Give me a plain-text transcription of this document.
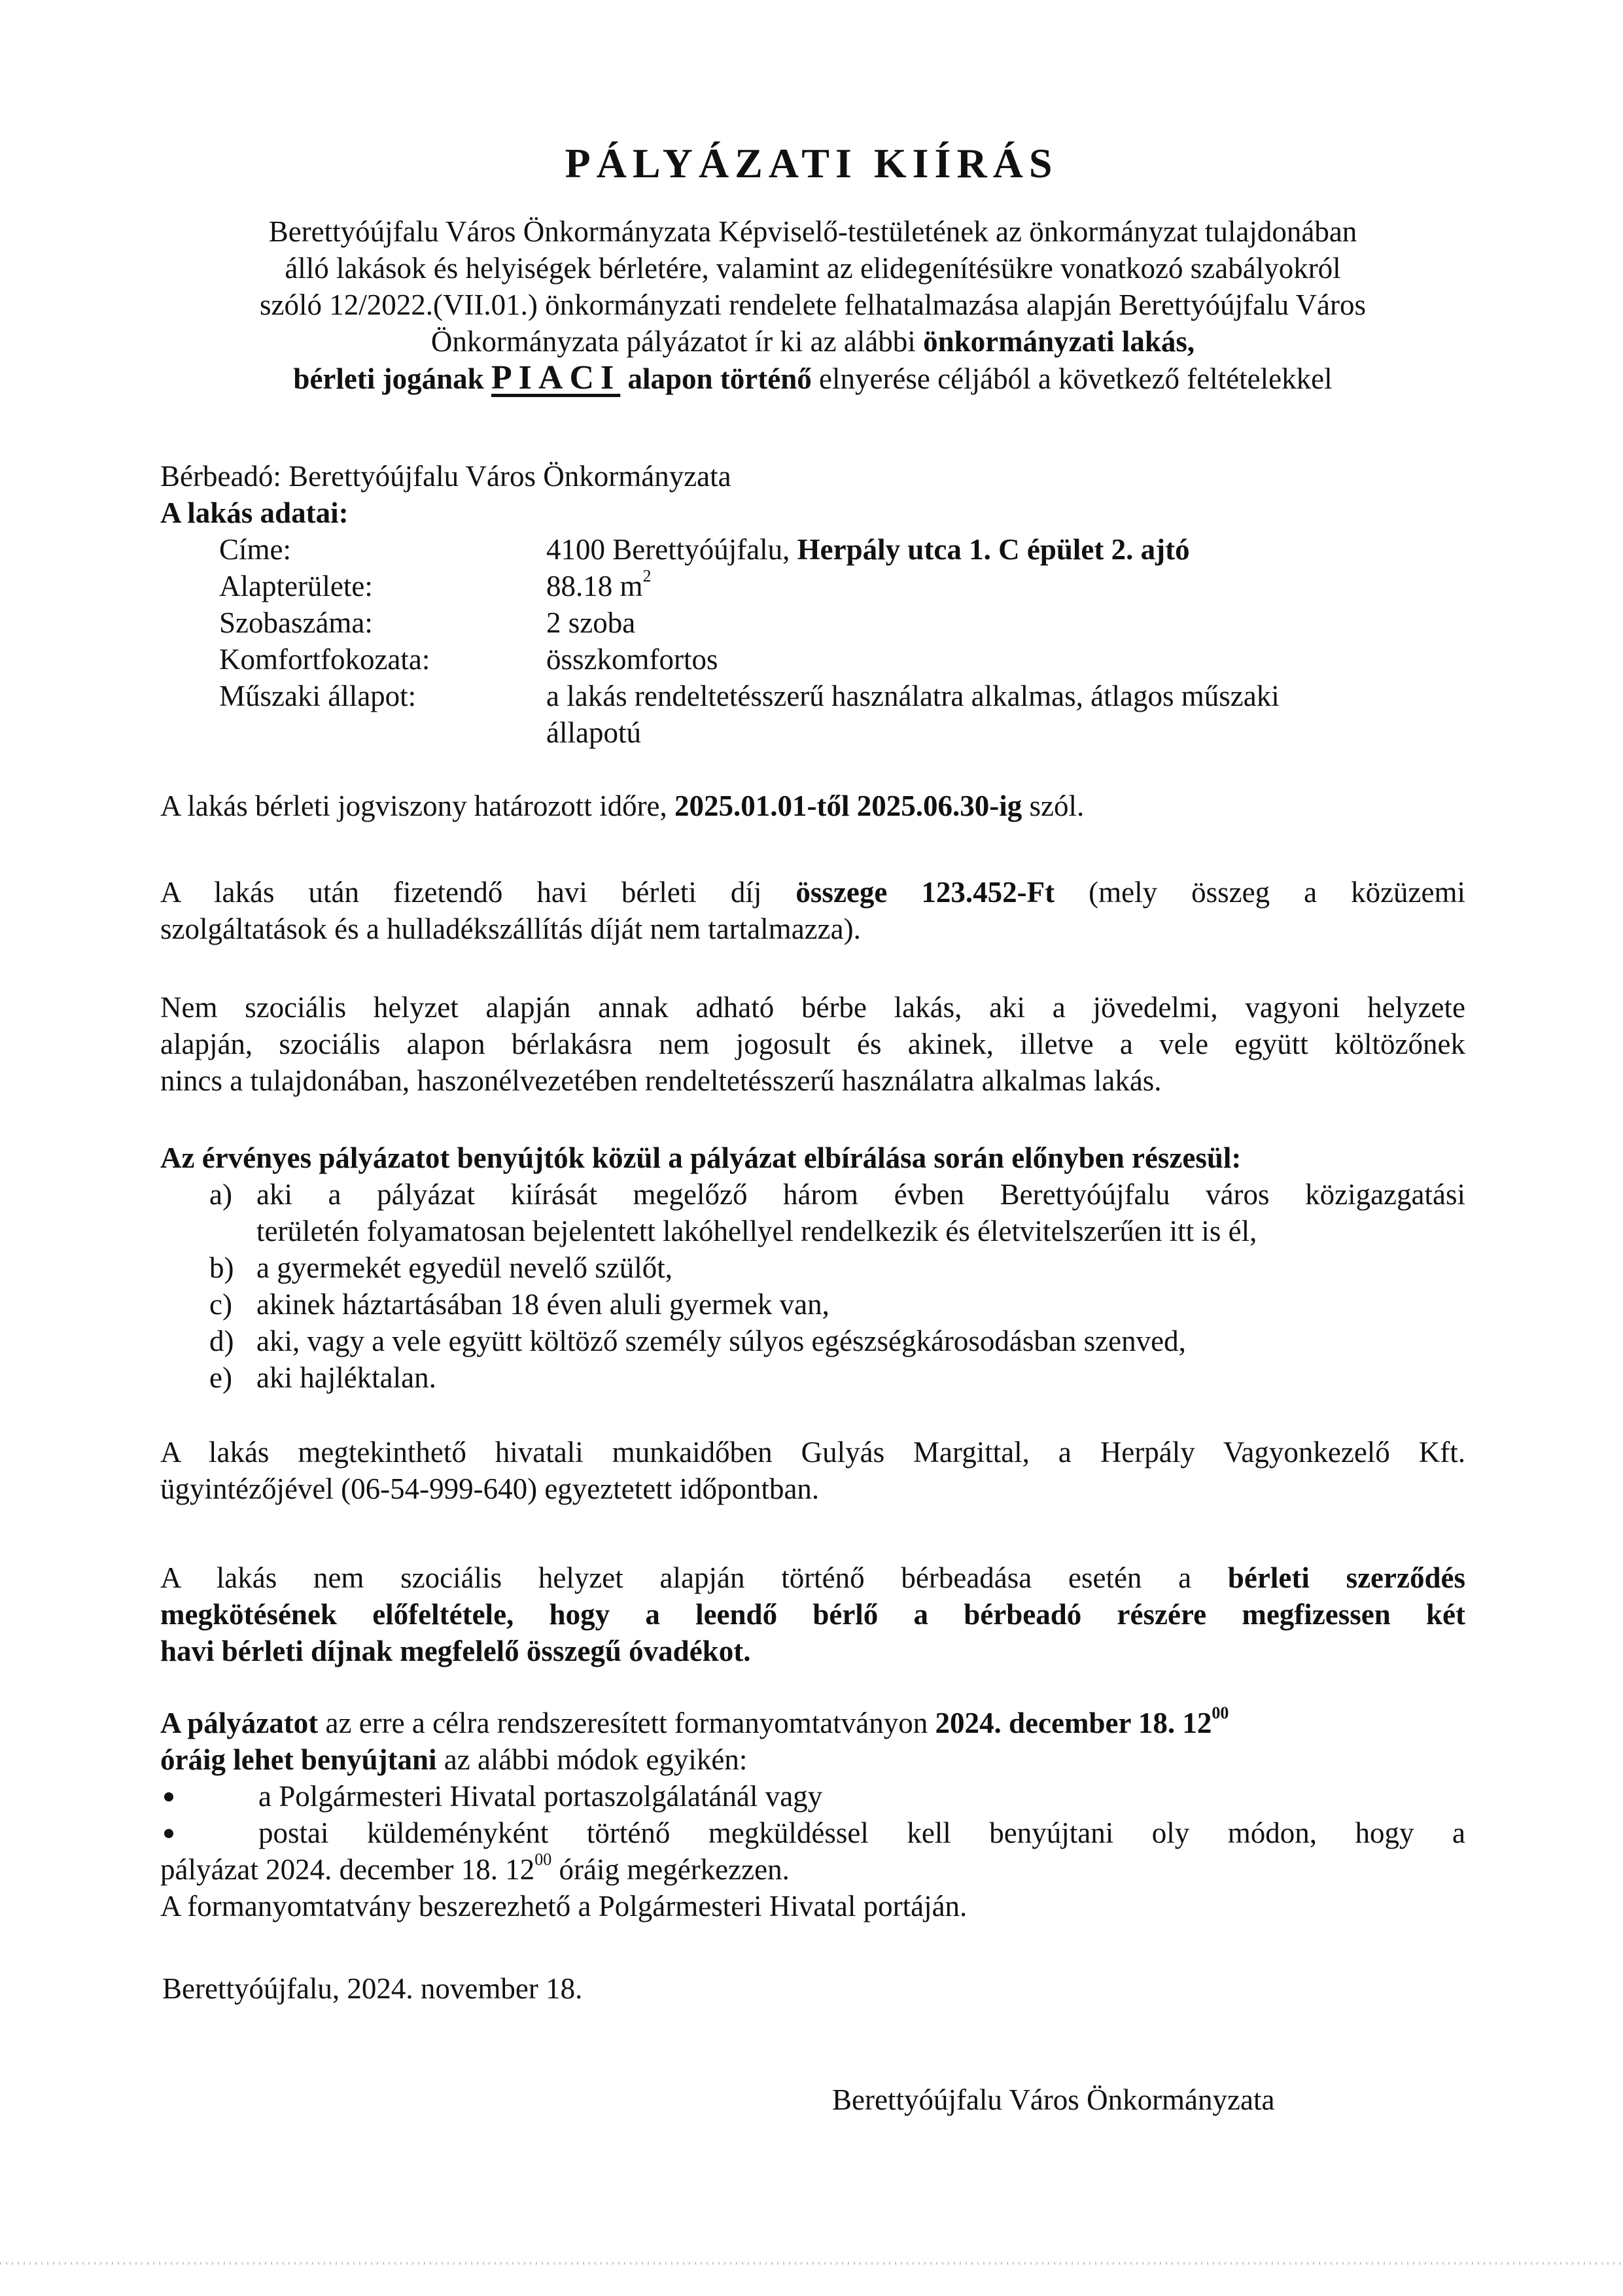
PÁLYÁZATI KIÍRÁS
Berettyóújfalu Város Önkormányzata Képviselő-testületének az önkormányzat tulajdonában
álló lakások és helyiségek bérletére, valamint az elidegenítésükre vonatkozó szabályokról
szóló 12/2022.(VII.01.) önkormányzati rendelete felhatalmazása alapján Berettyóújfalu Város
Önkormányzata pályázatot ír ki az alábbi önkormányzati lakás,
bérleti jogának PIACI alapon történő elnyerése céljából a következő feltételekkel
Bérbeadó: Berettyóújfalu Város Önkormányzata
A lakás adatai:
Címe:	4100 Berettyóújfalu, Herpály utca 1. C épület 2. ajtó
Alapterülete:	88.18 $m^2$
Szobaszáma:	2 szoba
Komfortfokozata:	összkomfortos
Műszaki állapot:	a lakás rendeltetésszerű használatra alkalmas, átlagos műszaki
állapotú
A lakás bérleti jogviszony határozott időre, 2025.01.01-től 2025.06.30-ig szól.
A lakás után fizetendő havi bérleti díj összege 123.452-Ft (mely összeg a közüzemi
szolgáltatások és a hulladékszállítás díját nem tartalmazza).
Nem szociális helyzet alapján annak adható bérbe lakás, aki a jövedelmi, vagyoni helyzete
alapján, szociális alapon bérlakásra nem jogosult és akinek, illetve a vele együtt költözőnek
nincs a tulajdonában, haszonélvezetében rendeltetésszerű használatra alkalmas lakás.
Az érvényes pályázatot benyújtók közül a pályázat elbírálása során előnyben részesül:
a) aki a pályázat kiírását megelőző három évben Berettyóújfalu város közigazgatási
területén folyamatosan bejelentett lakóhellyel rendelkezik és életvitelszerűen itt is él,
b) a gyermekét egyedül nevelő szülőt,
c) akinek háztartásában 18 éven aluli gyermek van,
d) aki, vagy a vele együtt költöző személy súlyos egészségkárosodásban szenved,
e) aki hajléktalan.
A lakás megtekinthető hivatali munkaidőben Gulyás Margittal, a Herpály Vagyonkezelő Kft.
ügyintézőjével (06-54-999-640) egyeztetett időpontban.
A lakás nem szociális helyzet alapján történő bérbeadása esetén a bérleti szerződés
megkötésének előfeltétele, hogy a leendő bérlő a bérbeadó részére megfizessen két
havi bérleti díjnak megfelelő összegű óvadékot.
A pályázatot az erre a célra rendszeresített formanyomtatványon 2024. december 18. $12^{00}$
óráig lehet benyújtani az alábbi módok egyikén:
a Polgármesteri Hivatal portaszolgálatánál vagy
postai küldeményként történő megküldéssel kell benyújtani oly módon, hogy a
pályázat 2024. december 18. $12^{00}$ óráig megérkezzen.
A formanyomtatvány beszerezhető a Polgármesteri Hivatal portáján.
Berettyóújfalu, 2024. november 18.
Berettyóújfalu Város Önkormányzata
